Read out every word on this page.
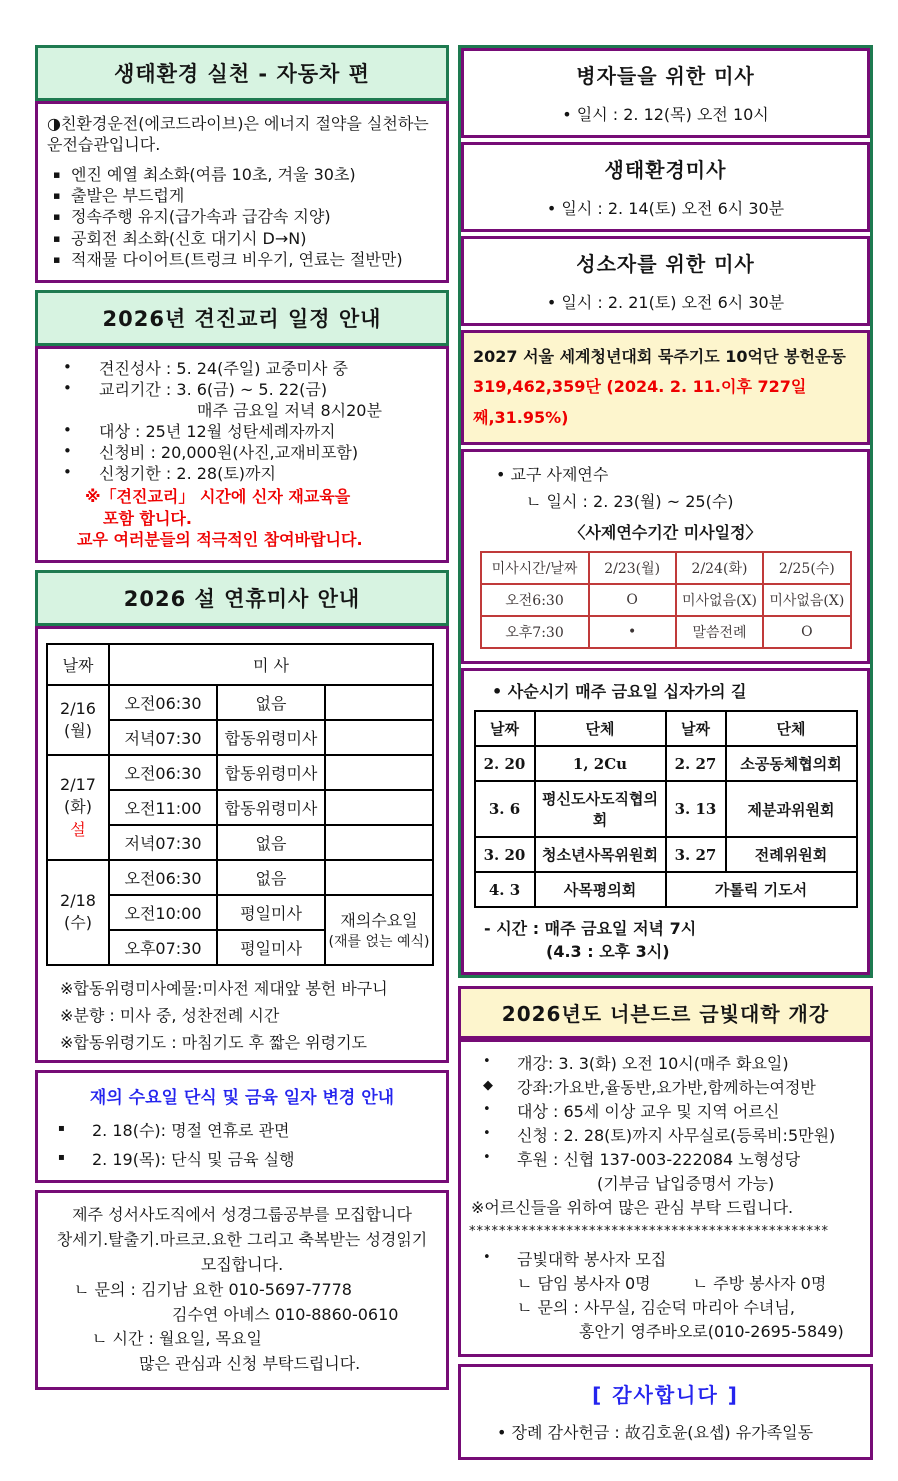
생태환경 실천 - 자동차 편

◑친환경운전(에코드라이브)은 에너지 절약을 실천하는 운전습관입니다.

▪ 엔진 예열 최소화(여름 10초, 겨울 30초)
▪ 출발은 부드럽게
▪ 정속주행 유지(급가속과 급감속 지양)
▪ 공회전 최소화(신호 대기시 D→N)
▪ 적재물 다이어트(트렁크 비우기, 연료는 절반만)
2026년 견진교리 일정 안내
•	견진성사 : 5. 24(주일) 교중미사 중
•	교리기간 : 3. 6(금) ~ 5. 22(금)
매주 금요일 저녁 8시20분
•	대상 : 25년 12월 성탄세례자까지
•	신청비 : 20,000원(사진,교재비포함)
•	신청기한 : 2. 28(토)까지
※「견진교리」 시간에 신자 재교육을
포함 합니다.
교우 여러분들의 적극적인 참여바랍니다.
2026 설 연휴미사 안내
날짜	미 사		

2/16
(월)	오전06:30	없음	
	저녁07:30	합동위령미사	

2/17
(화)
설	오전06:30	합동위령미사	
	오전11:00	합동위령미사	
	저녁07:30	없음	

2/18
(수)	오전06:30	없음	
	오전10:00	평일미사	재의수요일
(재를 얹는 예식)

	오후07:30	평일미사	
※합동위령미사예물:미사전 제대앞 봉헌 바구니
※분향 : 미사 중, 성찬전례 시간
※합동위령기도 : 마침기도 후 짧은 위령기도
재의 수요일 단식 및 금육 일자 변경 안내
▪	2. 18(수): 명절 연휴로 관면
▪	2. 19(목): 단식 및 금육 실행
제주 성서사도직에서 성경그룹공부를 모집합니다
창세기.탈출기.마르코.요한 그리고 축복받는 성경읽기
모집합니다.
ㄴ 문의 : 김기남 요한 010-5697-7778
김수연 아녜스 010-8860-0610
ㄴ 시간 : 월요일, 목요일
많은 관심과 신청 부탁드립니다.
병자들을 위한 미사
• 일시 : 2. 12(목) 오전 10시
생태환경미사
• 일시 : 2. 14(토) 오전 6시 30분
성소자를 위한 미사
• 일시 : 2. 21(토) 오전 6시 30분
2027 서울 세계청년대회 묵주기도 10억단 봉헌운동
319,462,359단 (2024. 2. 11.이후 727일째,31.95%)
• 교구 사제연수
ㄴ 일시 : 2. 23(월) ~ 25(수)
〈사제연수기간 미사일정〉
미사시간/날짜	2/23(월)	2/24(화)	2/25(수)
오전6:30	O	미사없음(X)	미사없음(X)
오후7:30	•	말씀전례	O
• 사순시기 매주 금요일 십자가의 길
날짜	단체	날짜	단체
2. 20	1, 2Cu	2. 27	소공동체협의회
3. 6	평신도사도직협의회	3. 13	제분과위원회
3. 20	청소년사목위원회	3. 27	전례위원회
4. 3	사목평의회	가톨릭 기도서	
- 시간 : 매주 금요일 저녁 7시
(4.3 : 오후 3시)
2026년도 너븐드르 금빛대학 개강
•	개강: 3. 3(화) 오전 10시(매주 화요일)
◆	강좌:가요반,율동반,요가반,함께하는여정반
•	대상 : 65세 이상 교우 및 지역 어르신
•	신청 : 2. 28(토)까지 사무실로(등록비:5만원)
•	후원 : 신협 137-003-222084 노형성당
(기부금 납입증명서 가능)
※어르신들을 위하여 많은 관심 부탁 드립니다.
************************************************
•	금빛대학 봉사자 모집
ㄴ 담임 봉사자 0명	ㄴ 주방 봉사자 0명
ㄴ 문의 : 사무실, 김순덕 마리아 수녀님,
홍안기 영주바오로(010-2695-5849)
[ 감사합니다 ]
• 장례 감사헌금 : 故김호윤(요셉) 유가족일동
